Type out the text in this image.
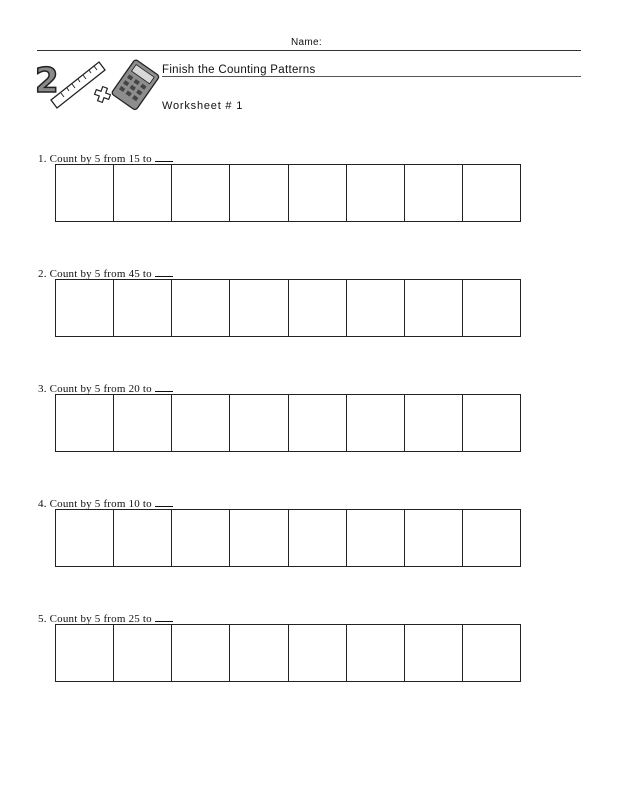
Name:
2	Finish the Counting Patterns
Worksheet # 1
1. Count by 5 from 15 to
2. Count by 5 from 45 to
3. Count by 5 from 20 to
4. Count by 5 from 10 to
5. Count by 5 from 25 to
